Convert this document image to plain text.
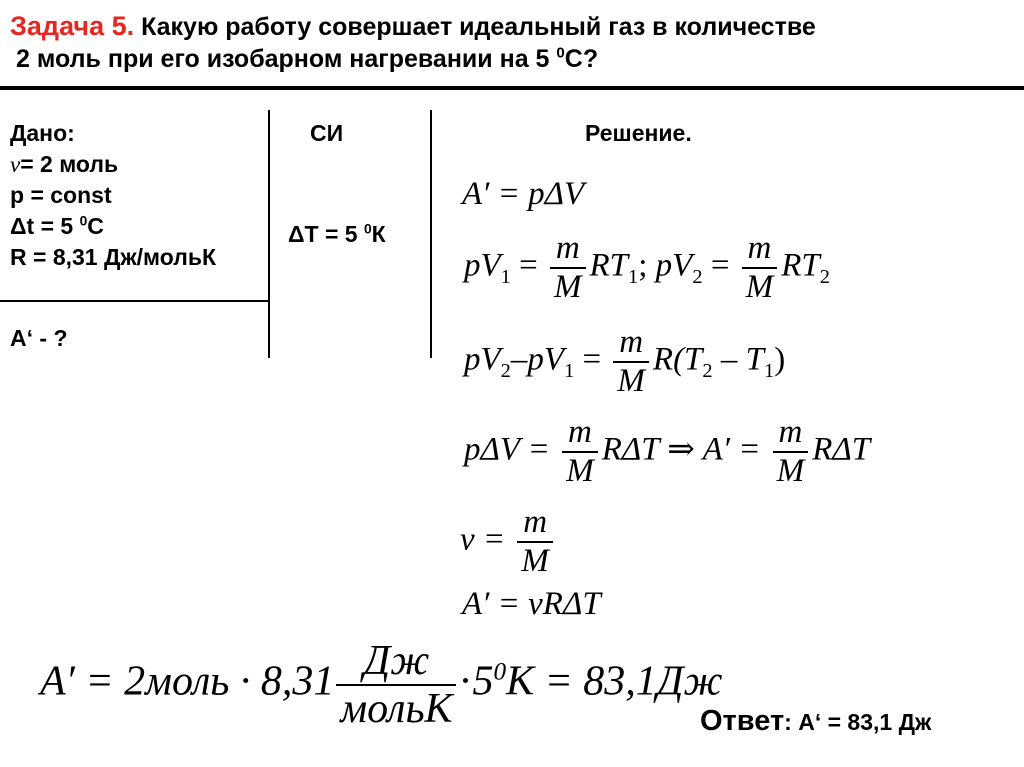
Задача 5. Какую работу совершает идеальный газ в количестве
2 моль при его изобарном нагревании на 5 $^0$С?
Дано:
ν= 2 моль
p = const
Δt = 5 $^0$С
R = 8,31 Дж/мольК
A‘ - ?
СИ
ΔT = 5 $^0$К
Решение.
A′ = pΔV
$pV_1 = \frac{m}{M} RT_1$; $pV_2 = \frac{m}{M} RT_2$
$pV_2-pV_1 = \frac{m}{M} R(T_2 - T_1)$
$p\Delta V = \frac{m}{M}$ RΔT ⇒ $A' = \frac{m}{M}$ RΔT
$\nu = \frac{m}{M}$
A′ = νRΔT
A′ = 2моль · $8,31 \frac{Дж}{\text{мольК}} \cdot 5^0К = 83,1Дж$
Ответ: A‘ = 83,1 Дж
